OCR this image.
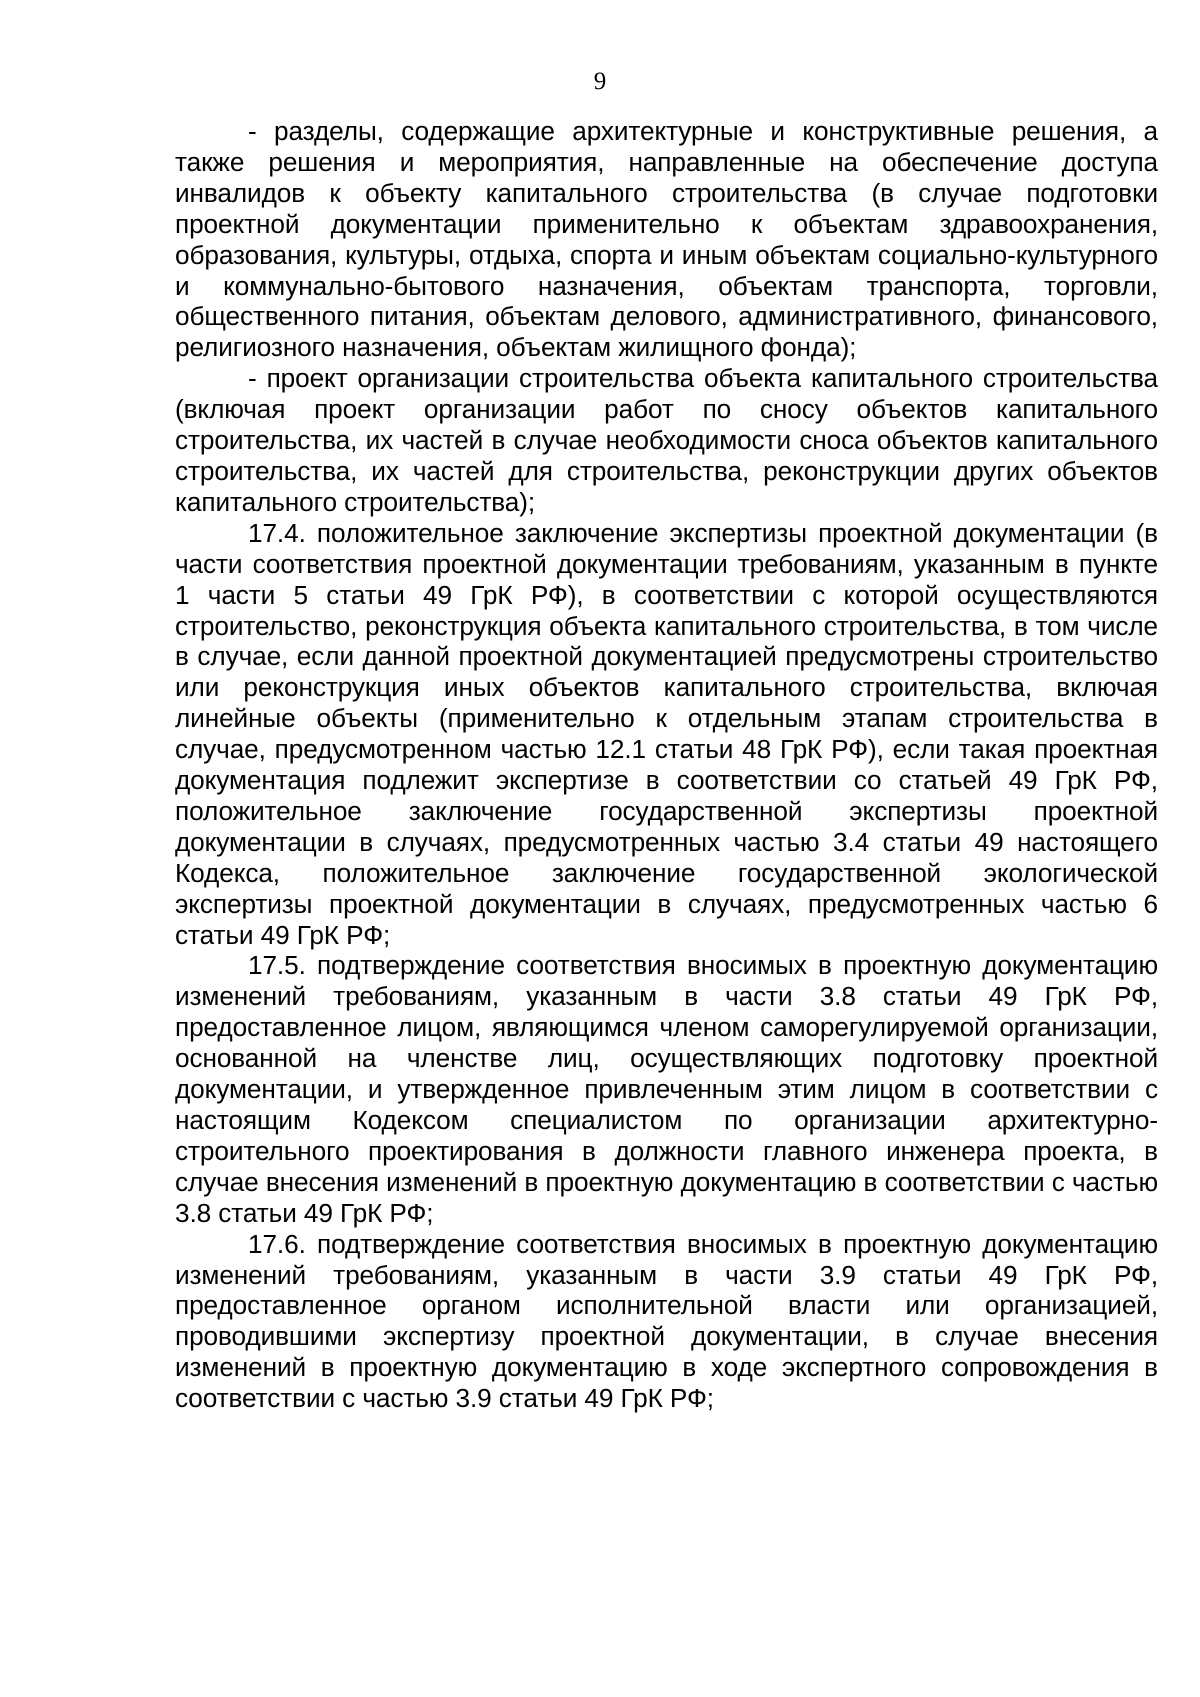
9

- разделы, содержащие архитектурные и конструктивные решения, а также решения и мероприятия, направленные на обеспечение доступа инвалидов к объекту капитального строительства (в случае подготовки проектной документации применительно к объектам здравоохранения, образования, культуры, отдыха, спорта и иным объектам социально-культурного и коммунально-бытового назначения, объектам транспорта, торговли, общественного питания, объектам делового, административного, финансового, религиозного назначения, объектам жилищного фонда);

- проект организации строительства объекта капитального строительства (включая проект организации работ по сносу объектов капитального строительства, их частей в случае необходимости сноса объектов капитального строительства, их частей для строительства, реконструкции других объектов капитального строительства);

17.4. положительное заключение экспертизы проектной документации (в части соответствия проектной документации требованиям, указанным в пункте 1 части 5 статьи 49 ГрК РФ), в соответствии с которой осуществляются строительство, реконструкция объекта капитального строительства, в том числе в случае, если данной проектной документацией предусмотрены строительство или реконструкция иных объектов капитального строительства, включая линейные объекты (применительно к отдельным этапам строительства в случае, предусмотренном частью 12.1 статьи 48 ГрК РФ), если такая проектная документация подлежит экспертизе в соответствии со статьей 49 ГрК РФ, положительное заключение государственной экспертизы проектной документации в случаях, предусмотренных частью 3.4 статьи 49 настоящего Кодекса, положительное заключение государственной экологической экспертизы проектной документации в случаях, предусмотренных частью 6 статьи 49 ГрК РФ;

17.5. подтверждение соответствия вносимых в проектную документацию изменений требованиям, указанным в части 3.8 статьи 49 ГрК РФ, предоставленное лицом, являющимся членом саморегулируемой организации, основанной на членстве лиц, осуществляющих подготовку проектной документации, и утвержденное привлеченным этим лицом в соответствии с настоящим Кодексом специалистом по организации архитектурно-строительного проектирования в должности главного инженера проекта, в случае внесения изменений в проектную документацию в соответствии с частью 3.8 статьи 49 ГрК РФ;

17.6. подтверждение соответствия вносимых в проектную документацию изменений требованиям, указанным в части 3.9 статьи 49 ГрК РФ, предоставленное органом исполнительной власти или организацией, проводившими экспертизу проектной документации, в случае внесения изменений в проектную документацию в ходе экспертного сопровождения в соответствии с частью 3.9 статьи 49 ГрК РФ;
